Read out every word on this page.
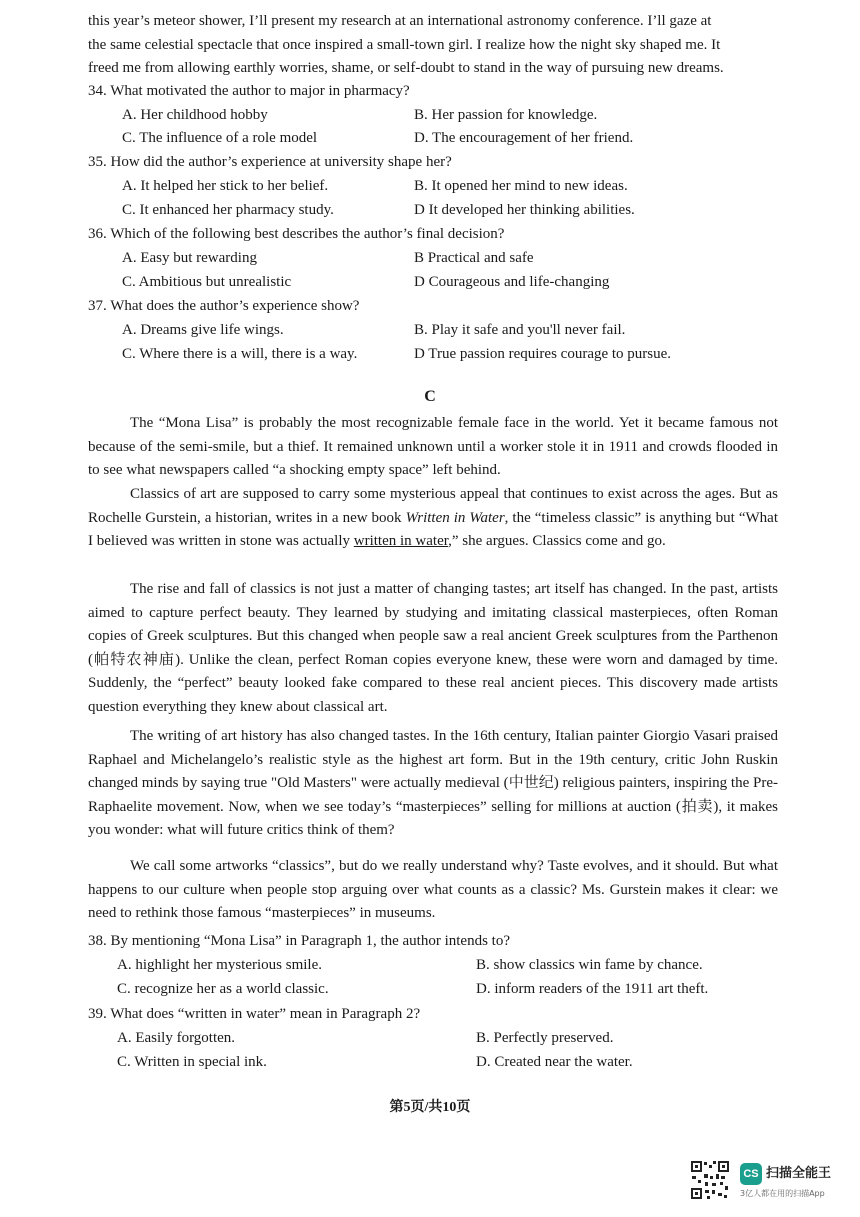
this year’s meteor shower, I’ll present my research at an international astronomy conference. I’ll gaze at
the same celestial spectacle that once inspired a small-town girl. I realize how the night sky shaped me. It
freed me from allowing earthly worries, shame, or self-doubt to stand in the way of pursuing new dreams.
34. What motivated the author to major in pharmacy?
A. Her childhood hobby	B. Her passion for knowledge.
C. The influence of a role model	D. The encouragement of her friend.
35. How did the author’s experience at university shape her?
A. It helped her stick to her belief.	B. It opened her mind to new ideas.
C. It enhanced her pharmacy study.	D It developed her thinking abilities.
36. Which of the following best describes the author’s final decision?
A. Easy but rewarding	B Practical and safe
C. Ambitious but unrealistic	D Courageous and life-changing
37. What does the author’s experience show?
A. Dreams give life wings.	B. Play it safe and you'll never fail.
C. Where there is a will, there is a way.	D True passion requires courage to pursue.
C

The “Mona Lisa” is probably the most recognizable female face in the world. Yet it became famous not because of the semi-smile, but a thief. It remained unknown until a worker stole it in 1911 and crowds flooded in to see what newspapers called “a shocking empty space” left behind.

Classics of art are supposed to carry some mysterious appeal that continues to exist across the ages. But as Rochelle Gurstein, a historian, writes in a new book Written in Water, the “timeless classic” is anything but “What I believed was written in stone was actually written in water,” she argues. Classics come and go.

The rise and fall of classics is not just a matter of changing tastes; art itself has changed. In the past, artists aimed to capture perfect beauty. They learned by studying and imitating classical masterpieces, often Roman copies of Greek sculptures. But this changed when people saw a real ancient Greek sculptures from the Parthenon (帕特农神庙). Unlike the clean, perfect Roman copies everyone knew, these were worn and damaged by time. Suddenly, the “perfect” beauty looked fake compared to these real ancient pieces. This discovery made artists question everything they knew about classical art.

The writing of art history has also changed tastes. In the 16th century, Italian painter Giorgio Vasari praised Raphael and Michelangelo’s realistic style as the highest art form. But in the 19th century, critic John Ruskin changed minds by saying true "Old Masters" were actually medieval (中世纪) religious painters, inspiring the Pre-Raphaelite movement. Now, when we see today’s “masterpieces” selling for millions at auction (拍卖), it makes you wonder: what will future critics think of them?

We call some artworks “classics”, but do we really understand why? Taste evolves, and it should. But what happens to our culture when people stop arguing over what counts as a classic? Ms. Gurstein makes it clear: we need to rethink those famous “masterpieces” in museums.

38. By mentioning “Mona Lisa” in Paragraph 1, the author intends to?
A. highlight her mysterious smile.	B. show classics win fame by chance.
C. recognize her as a world classic.	D. inform readers of the 1911 art theft.
39. What does “written in water” mean in Paragraph 2?
A. Easily forgotten.	B. Perfectly preserved.
C. Written in special ink.	D. Created near the water.
第5页/共10页
CS 扫描全能王
3亿人都在用的扫描App
